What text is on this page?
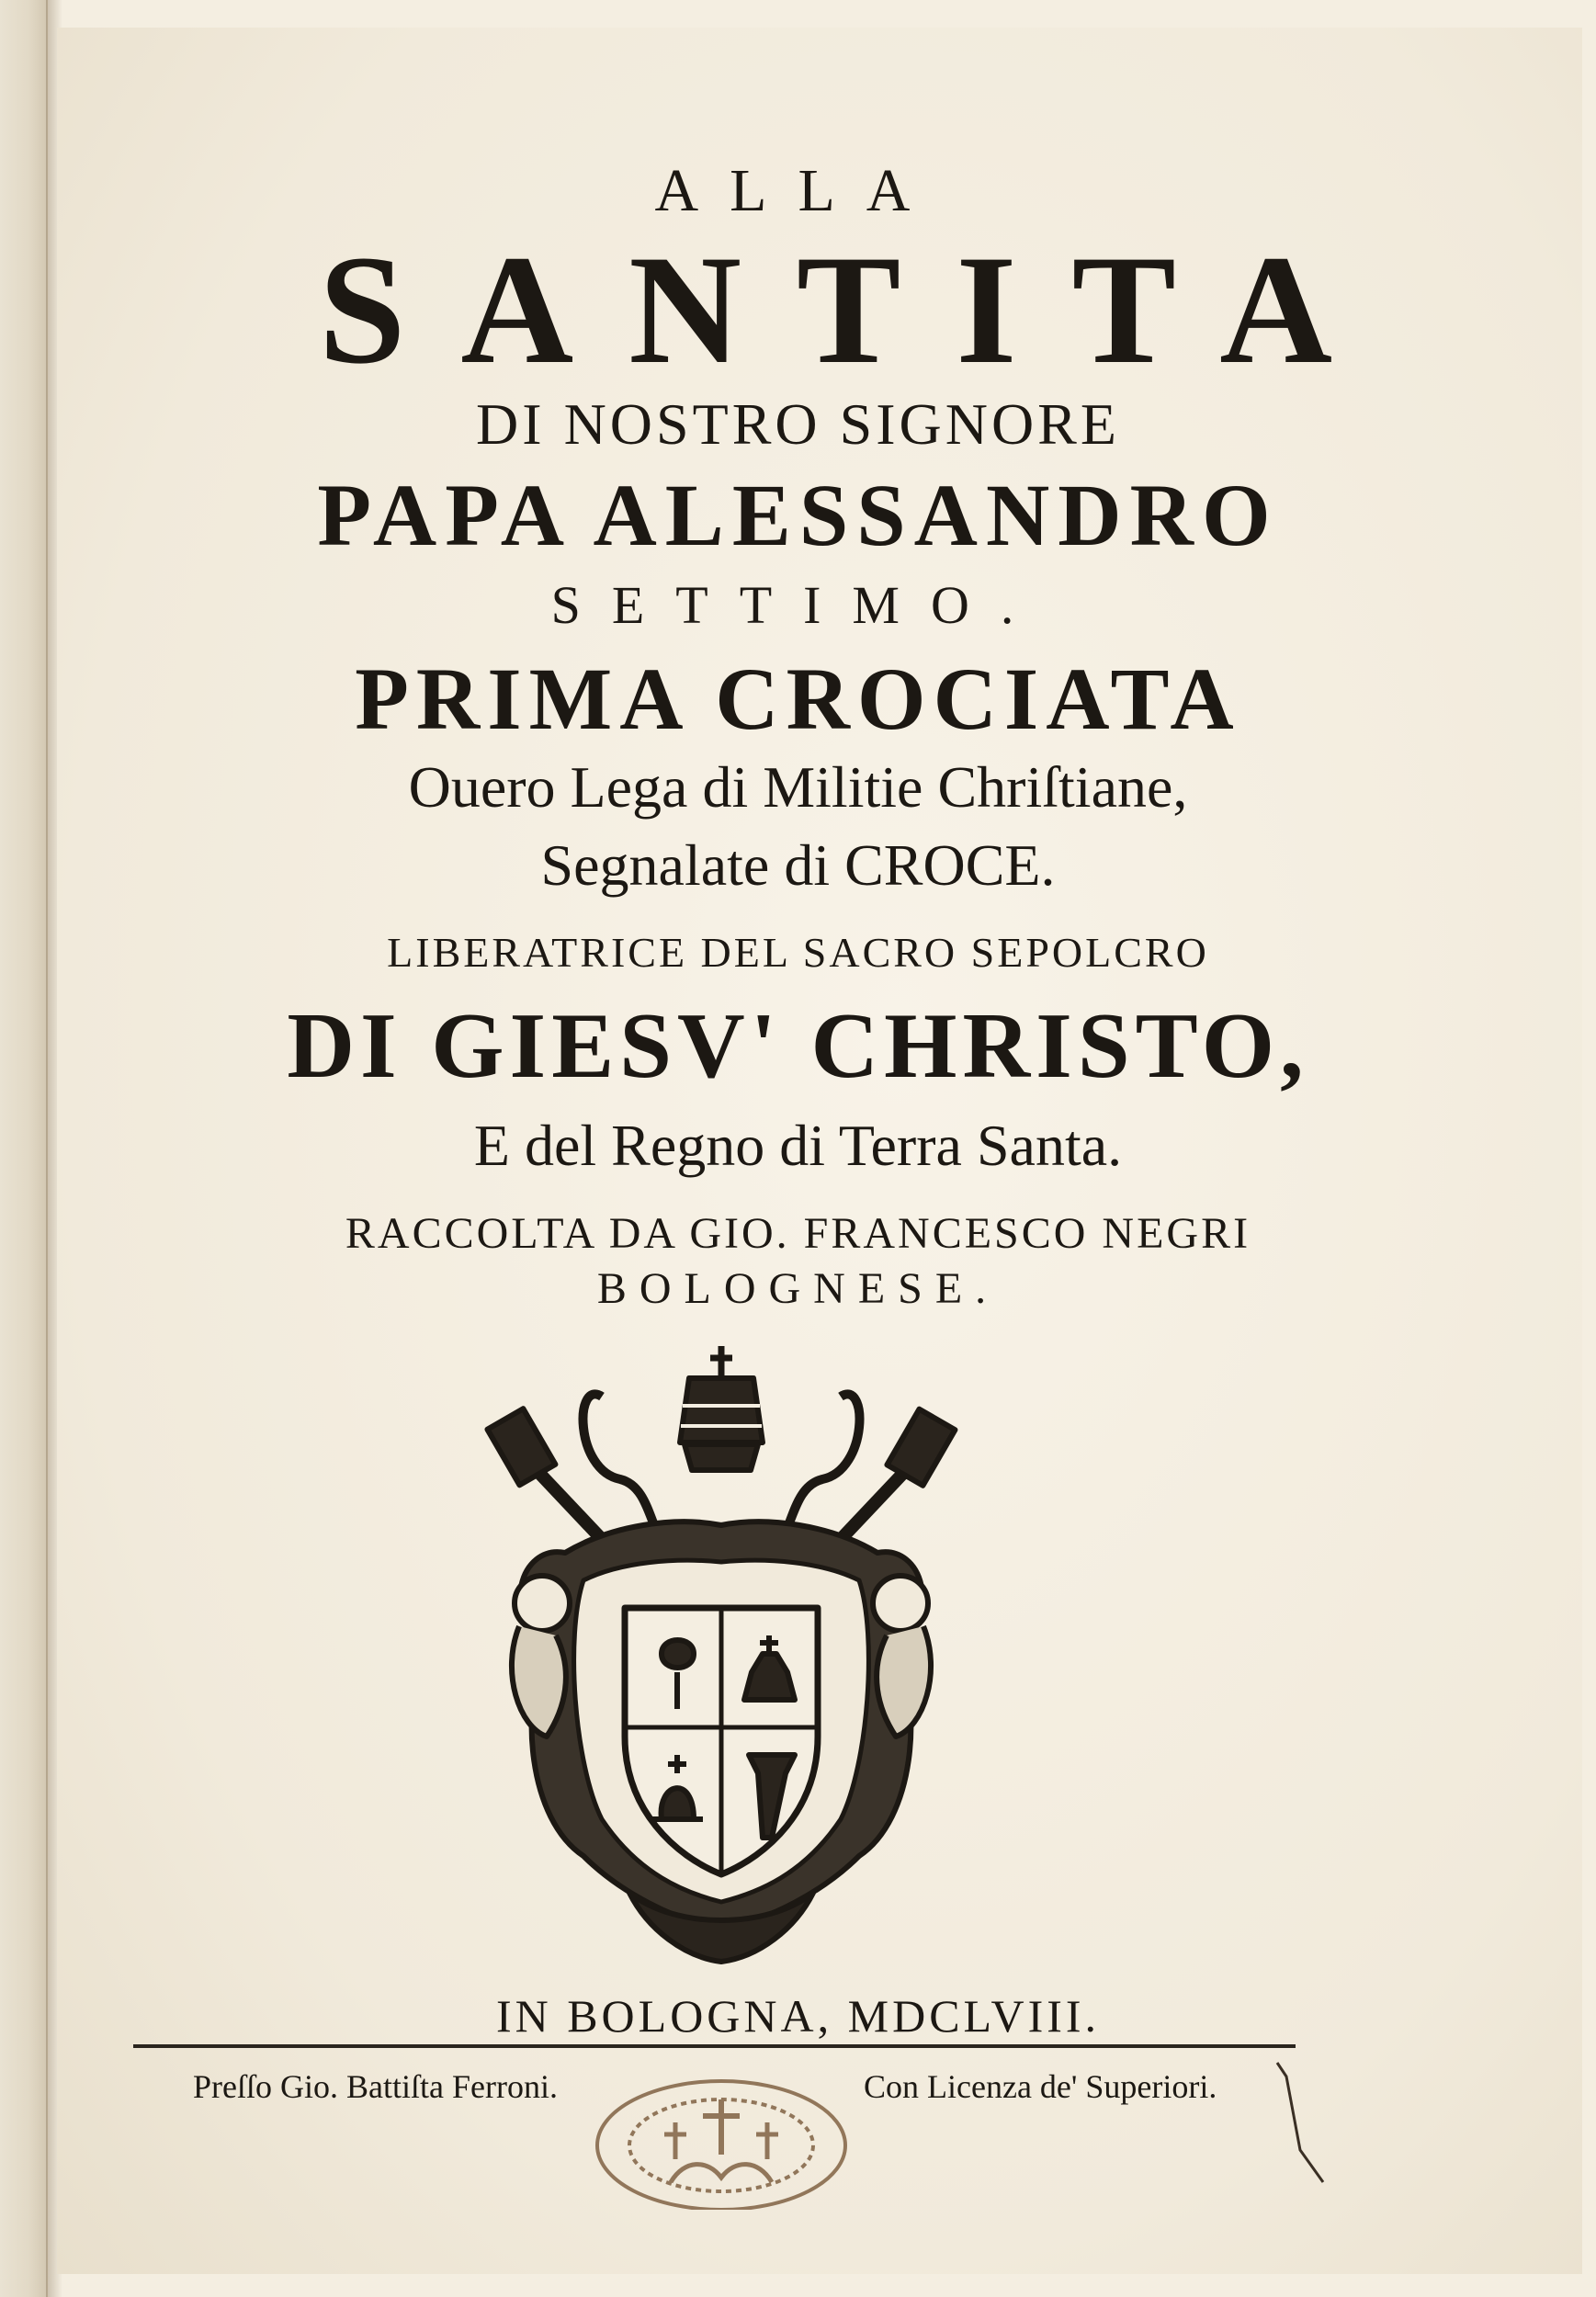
ALLA
SANTITA
DI NOSTRO SIGNORE
PAPA ALESSANDRO
SETTIMO.
PRIMA CROCIATA
Ouero Lega di Militie Chriſtiane,
Segnalate di CROCE.
LIBERATRICE DEL SACRO SEPOLCRO
DI GIESV' CHRISTO,
E del Regno di Terra Santa.
RACCOLTA DA GIO. FRANCESCO NEGRI
BOLOGNESE.
IN BOLOGNA, MDCLVIII.
Preſſo Gio. Battiſta Ferroni.	Con Licenza de' Superiori.
